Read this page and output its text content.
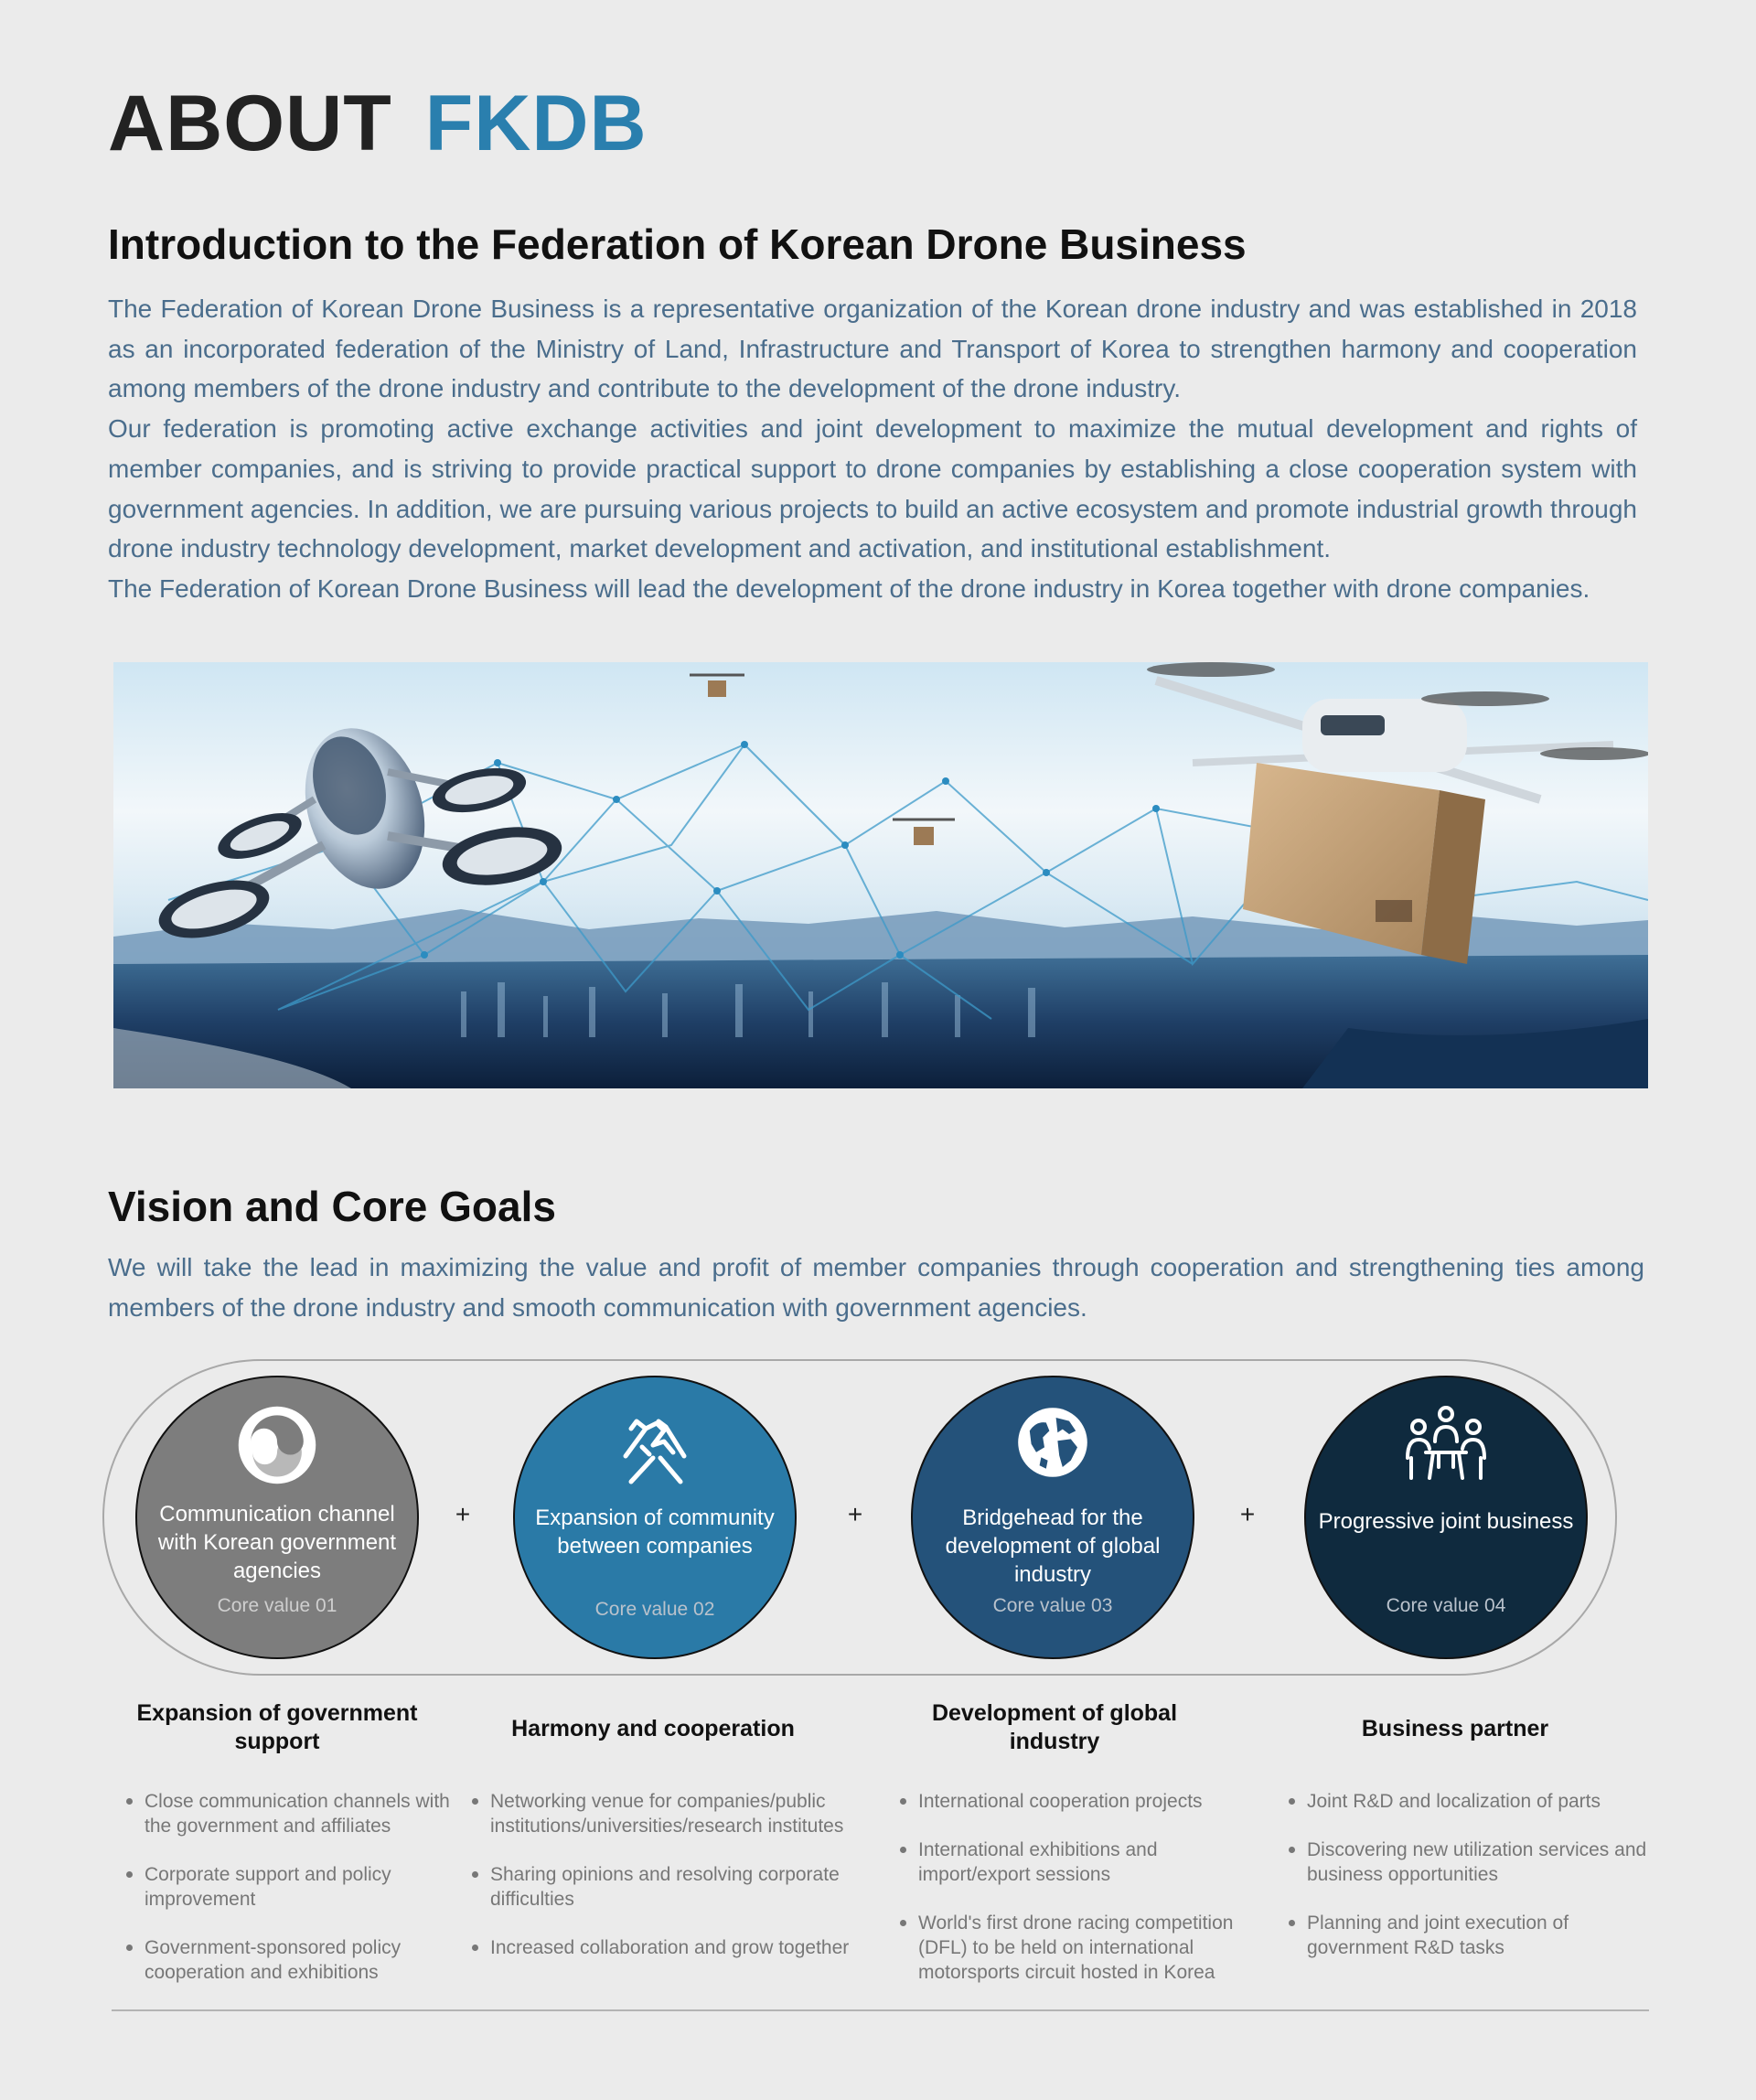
ABOUT FKDB
Introduction to the Federation of Korean Drone Business

The Federation of Korean Drone Business is a representative organization of the Korean drone industry and was established in 2018 as an incorporated federation of the Ministry of Land, Infrastructure and Transport of Korea to strengthen harmony and cooperation among members of the drone industry and contribute to the development of the drone industry.

Our federation is promoting active exchange activities and joint development to maximize the mutual development and rights of member companies, and is striving to provide practical support to drone companies by establishing a close cooperation system with government agencies. In addition, we are pursuing various projects to build an active ecosystem and promote industrial growth through drone industry technology development, market development and activation, and institutional establishment.

The Federation of Korean Drone Business will lead the development of the drone industry in Korea together with drone companies.

Vision and Core Goals

We will take the lead in maximizing the value and profit of member companies through cooperation and strengthening ties among members of the drone industry and smooth communication with government agencies.

Communication channel with Korean government agencies
Core value 01
+	Expansion of community between companies
Core value 02
+	Bridgehead for the development of global industry
Core value 03
+	Progressive joint business
Core value 04

Expansion of government support	Harmony and cooperation

Development of global industry	Business partner

Close communication channels with the government and affiliates
Corporate support and policy improvement
Government-sponsored policy cooperation and exhibitions
Networking venue for companies/public institutions/universities/research institutes
Sharing opinions and resolving corporate difficulties
Increased collaboration and grow together
International cooperation projects
International exhibitions and import/export sessions
World's first drone racing competition (DFL) to be held on international motorsports circuit hosted in Korea
Joint R&D and localization of parts
Discovering new utilization services and business opportunities
Planning and joint execution of government R&D tasks
